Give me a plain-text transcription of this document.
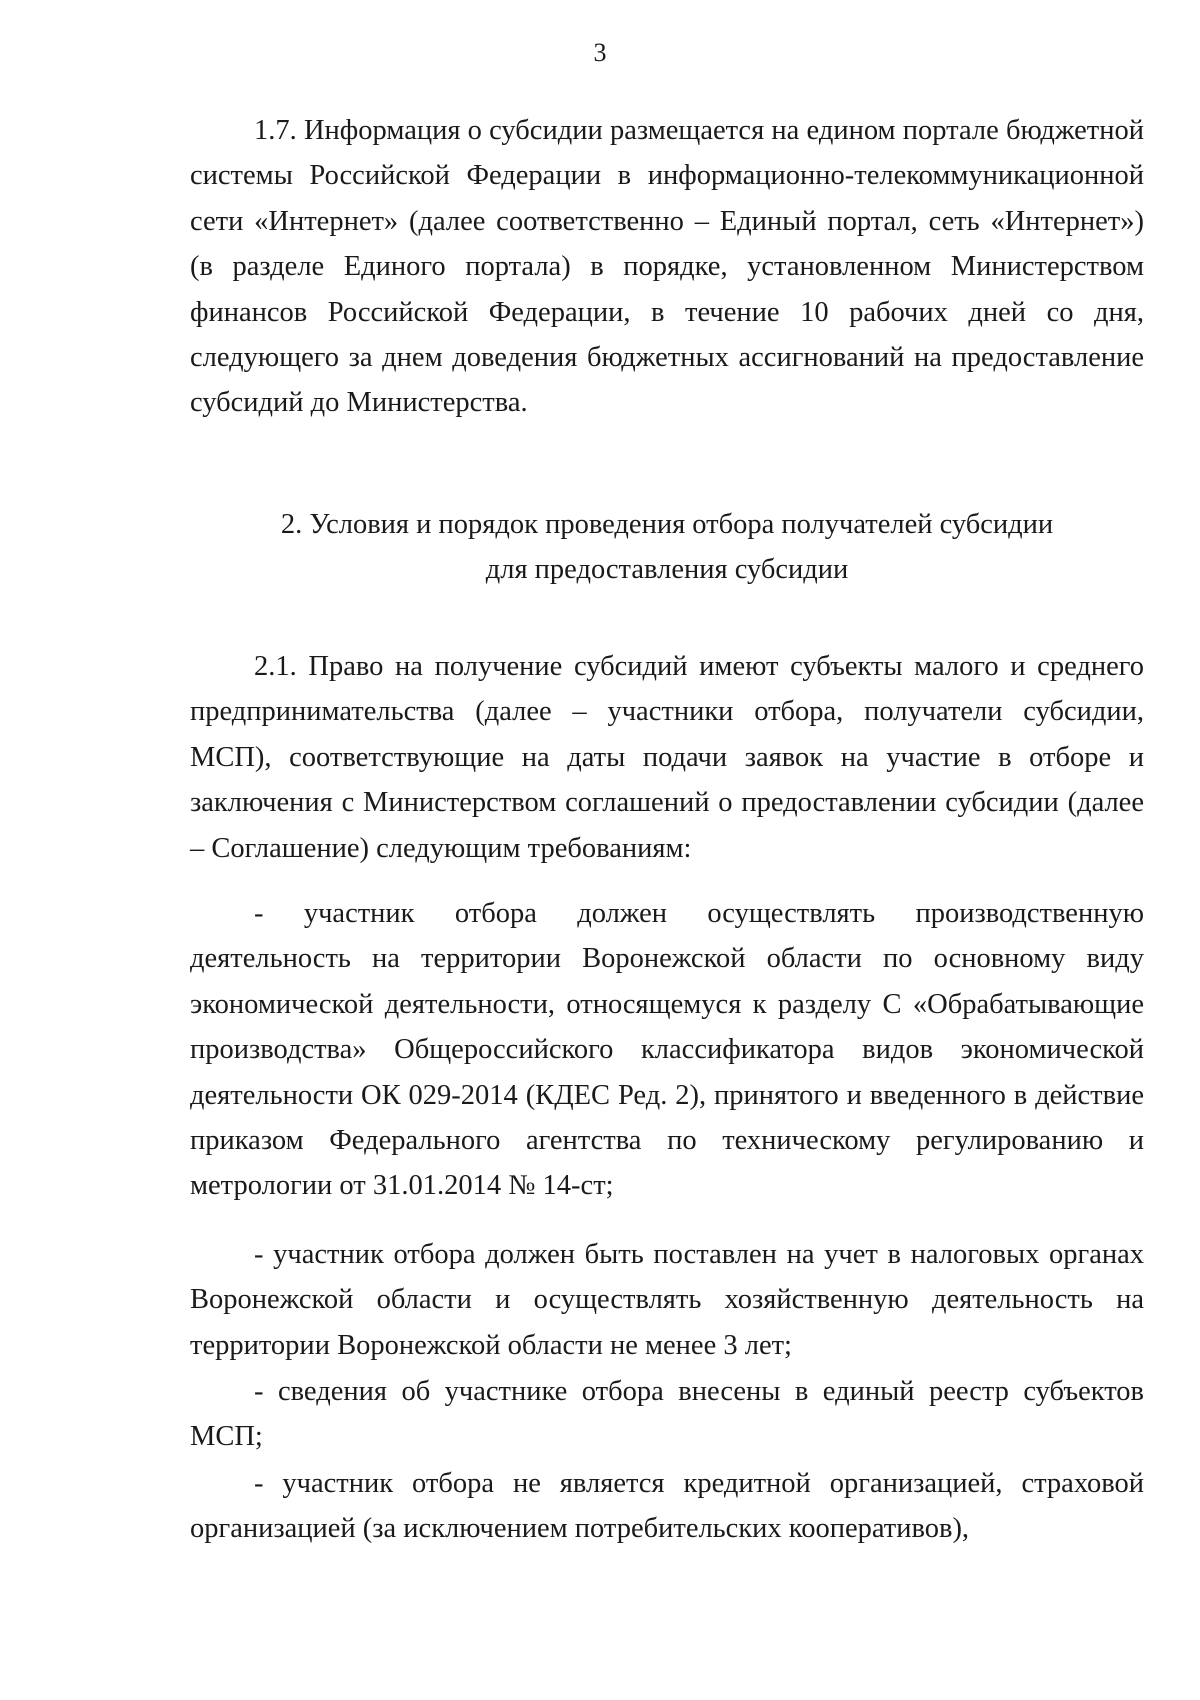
3

1.7. Информация о субсидии размещается на едином портале бюджетной системы Российской Федерации в информационно-телекоммуникационной сети «Интернет» (далее соответственно – Единый портал, сеть «Интернет») (в разделе Единого портала) в порядке, установленном Министерством финансов Российской Федерации, в течение 10 рабочих дней со дня, следующего за днем доведения бюджетных ассигнований на предоставление субсидий до Министерства.

2. Условия и порядок проведения отбора получателей субсидии
для предоставления субсидии

2.1. Право на получение субсидий имеют субъекты малого и среднего предпринимательства (далее – участники отбора, получатели субсидии, МСП), соответствующие на даты подачи заявок на участие в отборе и заключения с Министерством соглашений о предоставлении субсидии (далее – Соглашение) следующим требованиям:

- участник отбора должен осуществлять производственную деятельность на территории Воронежской области по основному виду экономической деятельности, относящемуся к разделу С «Обрабатывающие производства» Общероссийского классификатора видов экономической деятельности ОК 029-2014 (КДЕС Ред. 2), принятого и введенного в действие приказом Федерального агентства по техническому регулированию и метрологии от 31.01.2014 № 14-ст;

- участник отбора должен быть поставлен на учет в налоговых органах Воронежской области и осуществлять хозяйственную деятельность на территории Воронежской области не менее 3 лет;

- сведения об участнике отбора внесены в единый реестр субъектов МСП;

- участник отбора не является кредитной организацией, страховой организацией (за исключением потребительских кооперативов),
